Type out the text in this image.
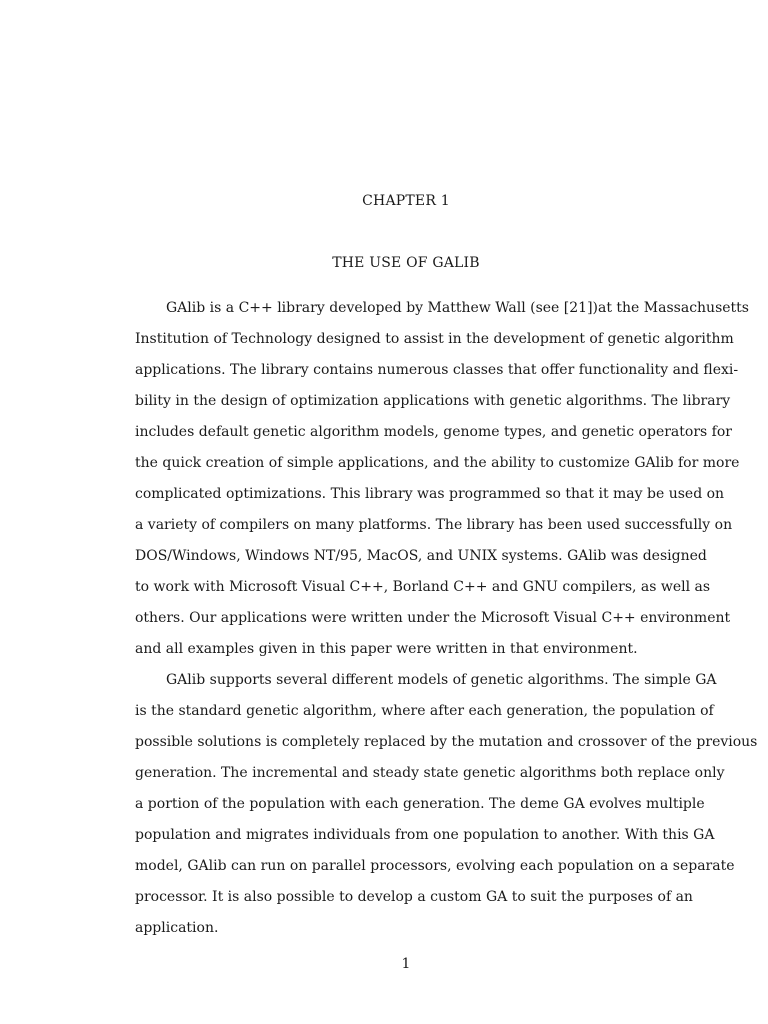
CHAPTER 1
THE USE OF GALIB
GAlib is a C++ library developed by Matthew Wall (see [21])at the Massachusetts
Institution of Technology designed to assist in the development of genetic algorithm
applications. The library contains numerous classes that offer functionality and flexi-
bility in the design of optimization applications with genetic algorithms. The library
includes default genetic algorithm models, genome types, and genetic operators for
the quick creation of simple applications, and the ability to customize GAlib for more
complicated optimizations. This library was programmed so that it may be used on
a variety of compilers on many platforms. The library has been used successfully on
DOS/Windows, Windows NT/95, MacOS, and UNIX systems. GAlib was designed
to work with Microsoft Visual C++, Borland C++ and GNU compilers, as well as
others. Our applications were written under the Microsoft Visual C++ environment
and all examples given in this paper were written in that environment.
GAlib supports several different models of genetic algorithms. The simple GA
is the standard genetic algorithm, where after each generation, the population of
possible solutions is completely replaced by the mutation and crossover of the previous
generation. The incremental and steady state genetic algorithms both replace only
a portion of the population with each generation. The deme GA evolves multiple
population and migrates individuals from one population to another. With this GA
model, GAlib can run on parallel processors, evolving each population on a separate
processor. It is also possible to develop a custom GA to suit the purposes of an
application.
1
